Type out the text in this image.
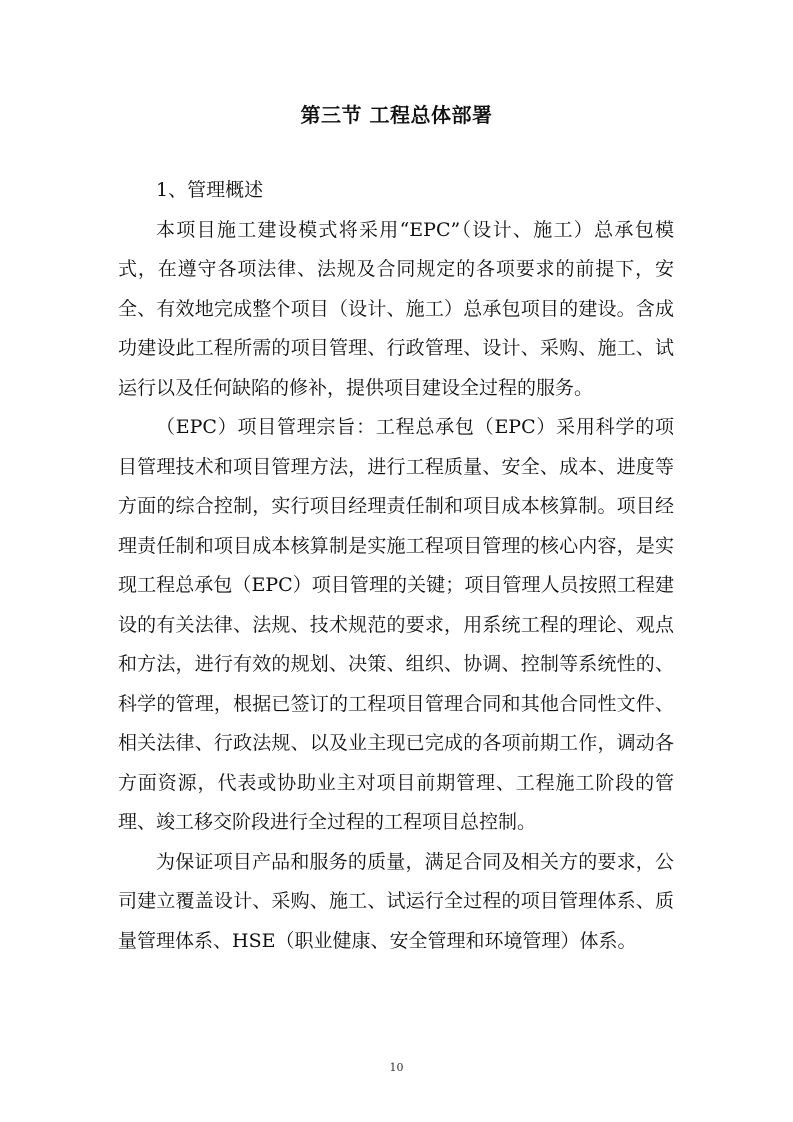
第三节 工程总体部署

1、管理概述

本项目施工建设模式将采用“EPC”（设计、施工）总承包模式，在遵守各项法律、法规及合同规定的各项要求的前提下，安全、有效地完成整个项目（设计、施工）总承包项目的建设。含成功建设此工程所需的项目管理、行政管理、设计、采购、施工、试运行以及任何缺陷的修补，提供项目建设全过程的服务。

（EPC）项目管理宗旨：工程总承包（EPC）采用科学的项目管理技术和项目管理方法，进行工程质量、安全、成本、进度等方面的综合控制，实行项目经理责任制和项目成本核算制。项目经理责任制和项目成本核算制是实施工程项目管理的核心内容，是实现工程总承包（EPC）项目管理的关键；项目管理人员按照工程建设的有关法律、法规、技术规范的要求，用系统工程的理论、观点和方法，进行有效的规划、决策、组织、协调、控制等系统性的、科学的管理，根据已签订的工程项目管理合同和其他合同性文件、相关法律、行政法规、以及业主现已完成的各项前期工作，调动各方面资源，代表或协助业主对项目前期管理、工程施工阶段的管理、竣工移交阶段进行全过程的工程项目总控制。

为保证项目产品和服务的质量，满足合同及相关方的要求，公司建立覆盖设计、采购、施工、试运行全过程的项目管理体系、质量管理体系、HSE（职业健康、安全管理和环境管理）体系。

10
